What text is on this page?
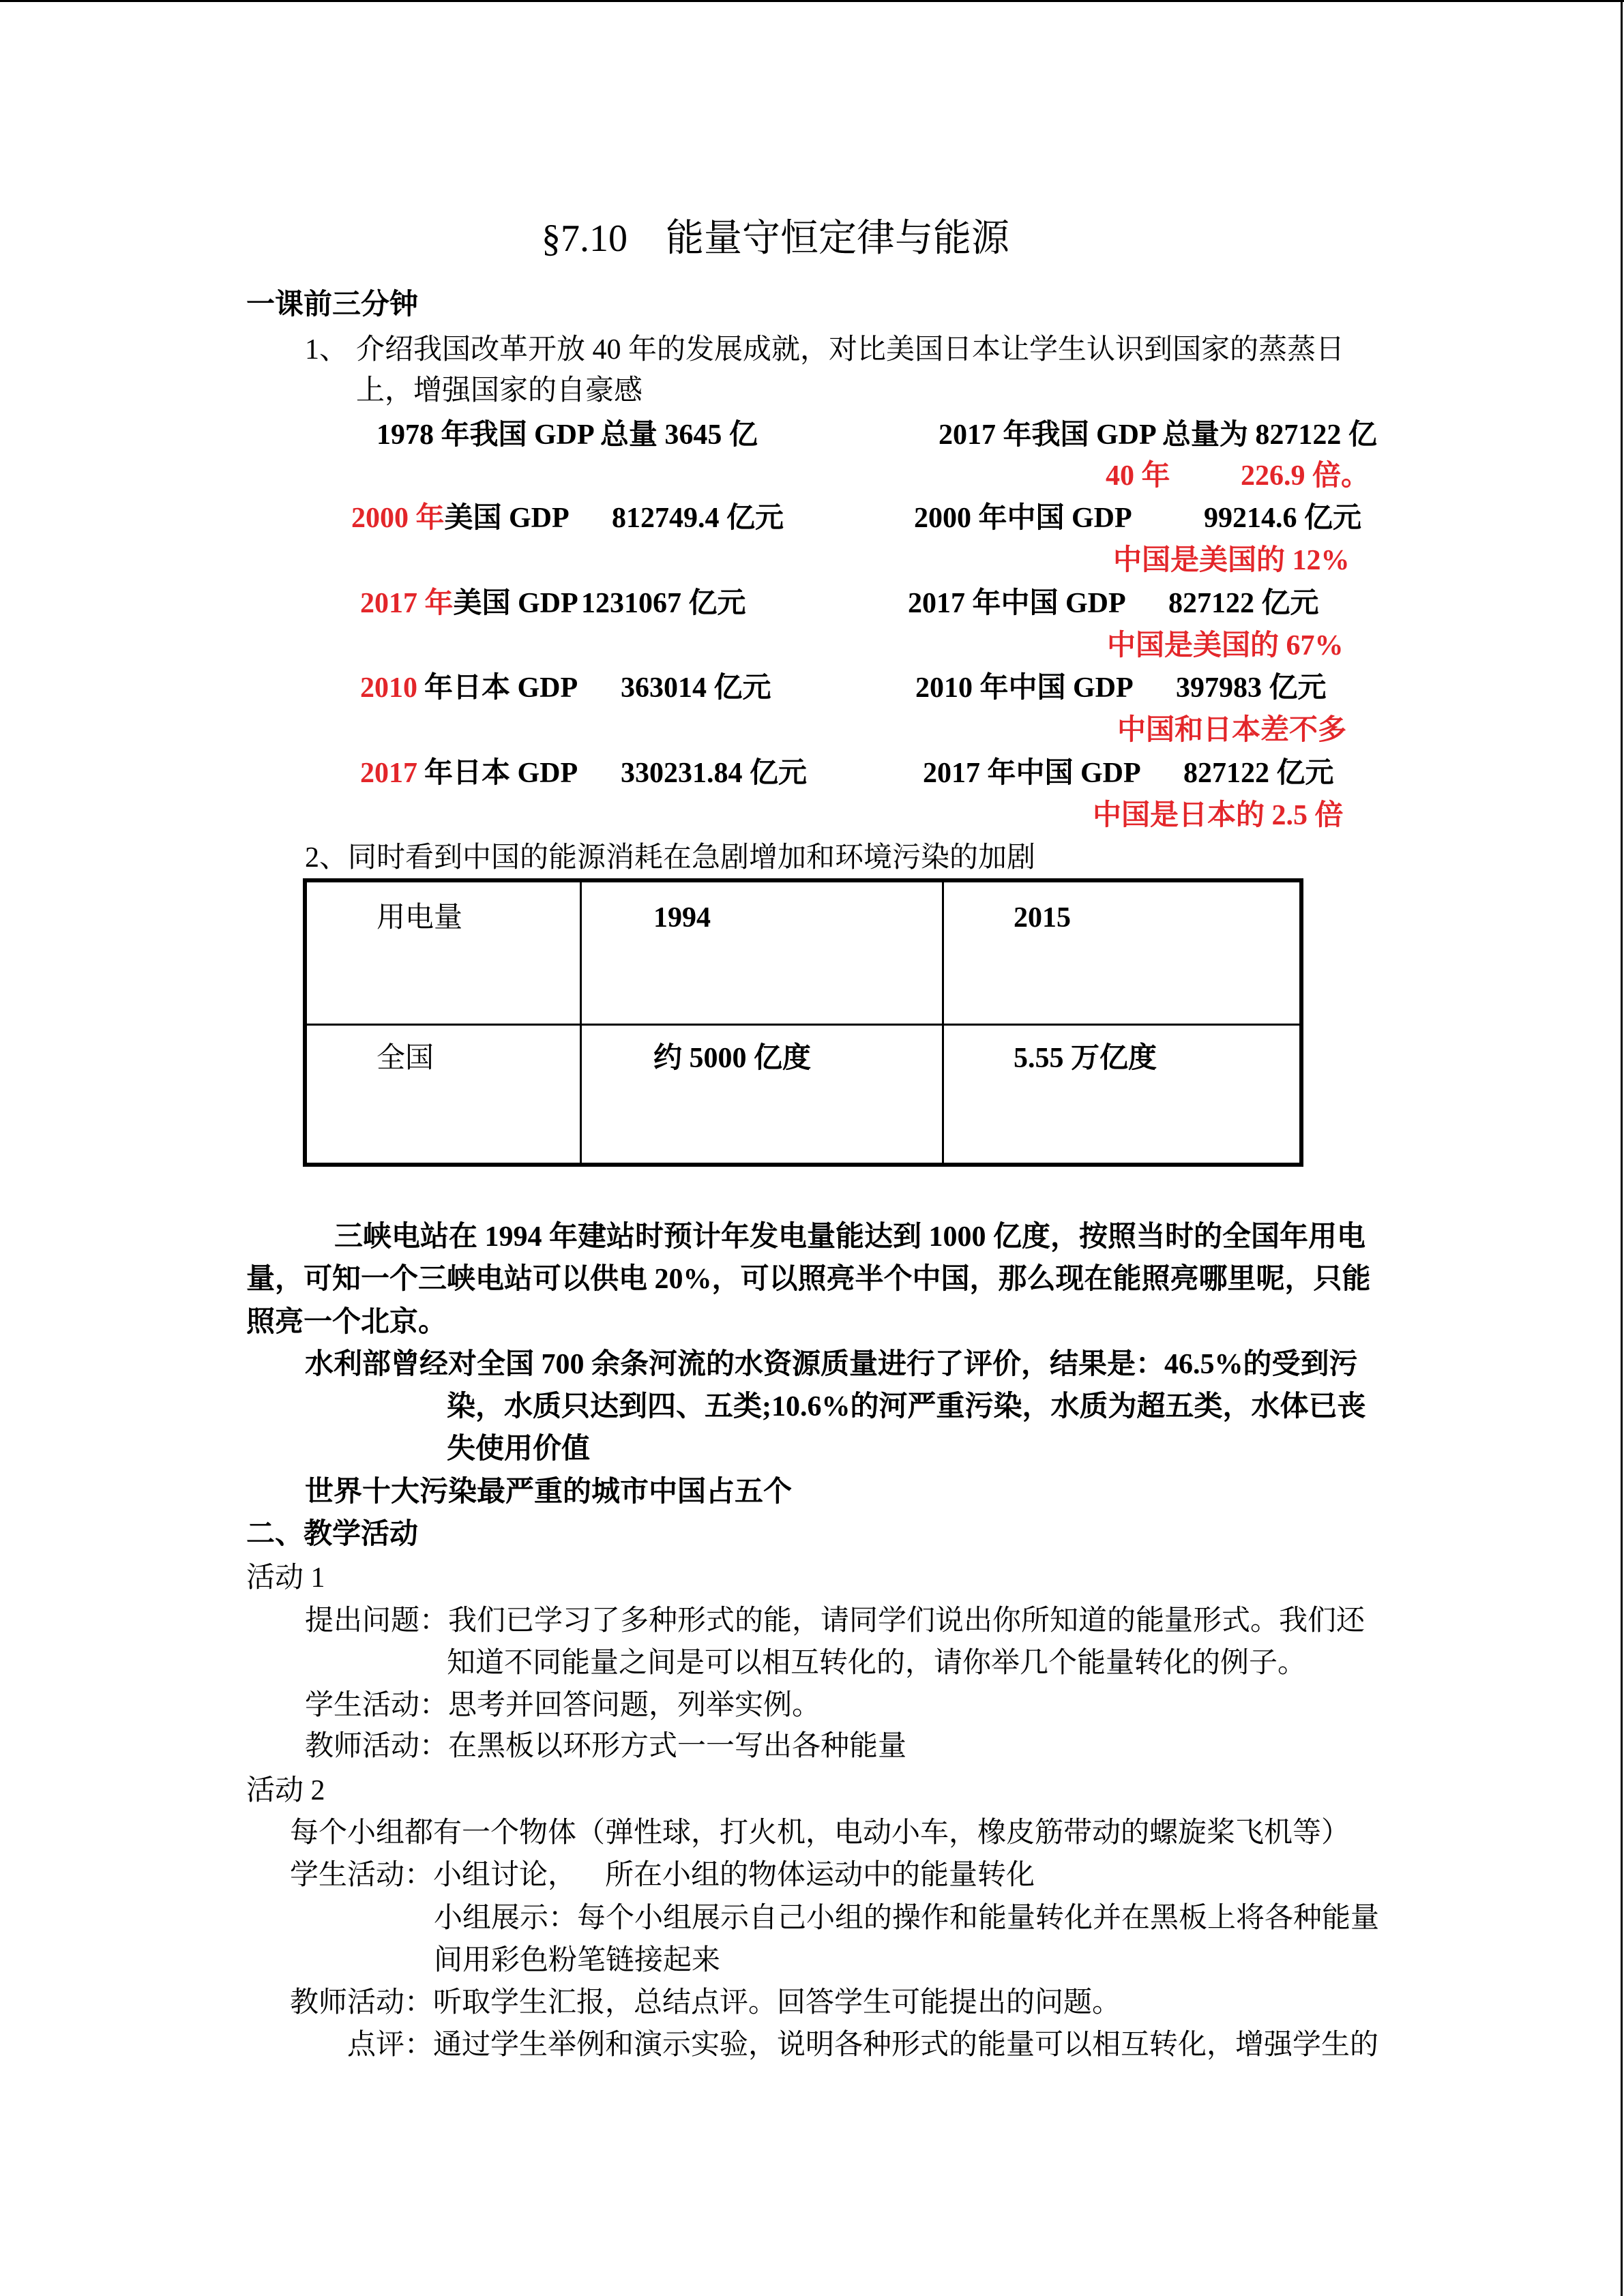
§7.10　能量守恒定律与能源
一课前三分钟
1、 介绍我国改革开放 40 年的发展成就，对比美国日本让学生认识到国家的蒸蒸日
上，增强国家的自豪感
1978 年我国 GDP 总量 3645 亿	2017 年我国 GDP 总量为 827122 亿
40 年 226.9 倍。
2000 年美国 GDP 812749.4 亿元	2000 年中国 GDP	99214.6 亿元
中国是美国的 12%
2017 年美国 GDP 1231067 亿元	2017 年中国 GDP 827122 亿元
中国是美国的 67%
2010 年日本 GDP 363014 亿元	2010 年中国 GDP 397983 亿元
中国和日本差不多
2017 年日本 GDP 330231.84 亿元	2017 年中国 GDP 827122 亿元
中国是日本的 2.5 倍
2、同时看到中国的能源消耗在急剧增加和环境污染的加剧
用电量	1994	2015
全国	约 5000 亿度	5.55 万亿度
三峡电站在 1994 年建站时预计年发电量能达到 1000 亿度，按照当时的全国年用电
量，可知一个三峡电站可以供电 20%，可以照亮半个中国，那么现在能照亮哪里呢，只能
照亮一个北京。
水利部曾经对全国 700 余条河流的水资源质量进行了评价，结果是：46.5%的受到污
染，水质只达到四、五类;10.6%的河严重污染，水质为超五类，水体已丧
失使用价值
世界十大污染最严重的城市中国占五个
二、教学活动
活动 1
提出问题：我们已学习了多种形式的能，请同学们说出你所知道的能量形式。我们还
知道不同能量之间是可以相互转化的，请你举几个能量转化的例子。
学生活动：思考并回答问题，列举实例。
教师活动：在黑板以环形方式一一写出各种能量
活动 2
每个小组都有一个物体（弹性球，打火机，电动小车，橡皮筋带动的螺旋桨飞机等）
学生活动：小组讨论， 所在小组的物体运动中的能量转化
小组展示：每个小组展示自己小组的操作和能量转化并在黑板上将各种能量
间用彩色粉笔链接起来
教师活动：听取学生汇报，总结点评。回答学生可能提出的问题。
点评：通过学生举例和演示实验，说明各种形式的能量可以相互转化，增强学生的
